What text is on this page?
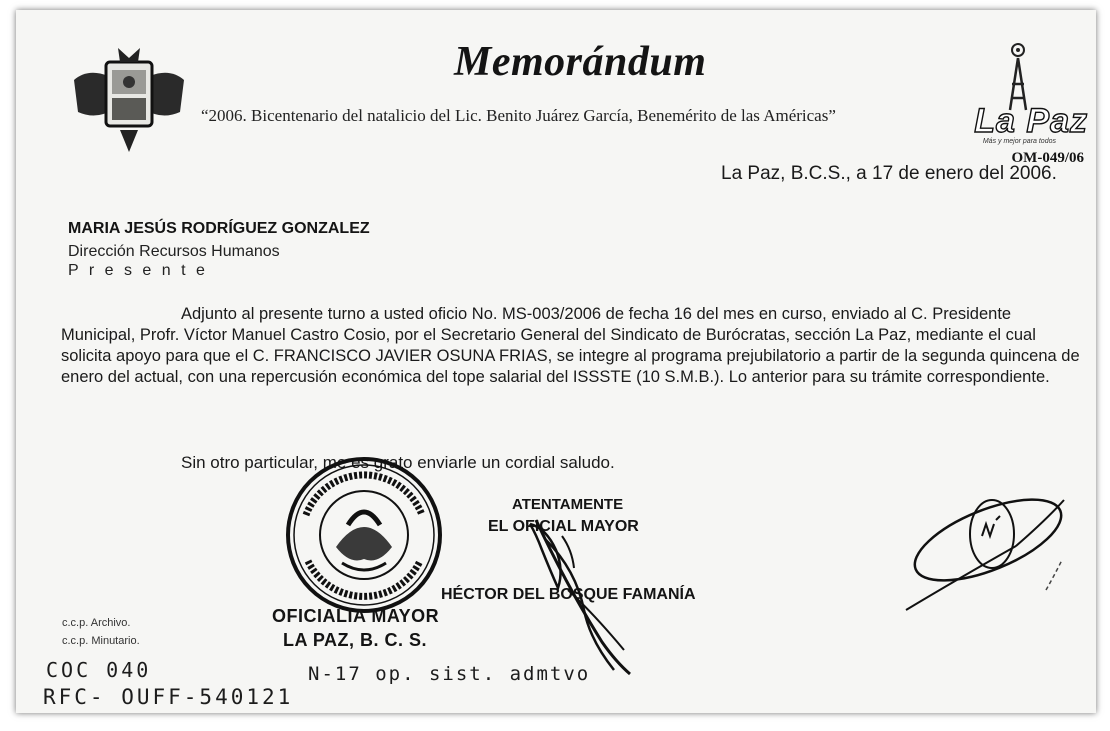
Memorándum
“2006. Bicentenario del natalicio del Lic. Benito Juárez García, Benemérito de las Américas”	La Paz
Más y mejor para todos
OM-049/06
La Paz, B.C.S., a 17 de enero del 2006.
MARIA JESÚS RODRÍGUEZ GONZALEZ
Dirección Recursos Humanos
P r e s e n t e

Adjunto al presente turno a usted oficio No. MS-003/2006 de fecha 16 del mes en curso, enviado al C. Presidente Municipal, Profr. Víctor Manuel Castro Cosio, por el Secretario General del Sindicato de Burócratas, sección La Paz, mediante el cual solicita apoyo para que el C. FRANCISCO JAVIER OSUNA FRIAS, se integre al programa prejubilatorio a partir de la segunda quincena de enero del actual, con una repercusión económica del tope salarial del ISSSTE (10 S.M.B.). Lo anterior para su trámite correspondiente.

Sin otro particular, me es grato enviarle un cordial saludo.
ATENTAMENTE
EL OFICIAL MAYOR
HÉCTOR DEL BOSQUE FAMANÍA
OFICIALIA MAYOR
LA PAZ, B. C. S.
c.c.p. Archivo.
c.c.p. Minutario.
COC 040
RFC- OUFF-540121
N-17 op. sist. admtvo
